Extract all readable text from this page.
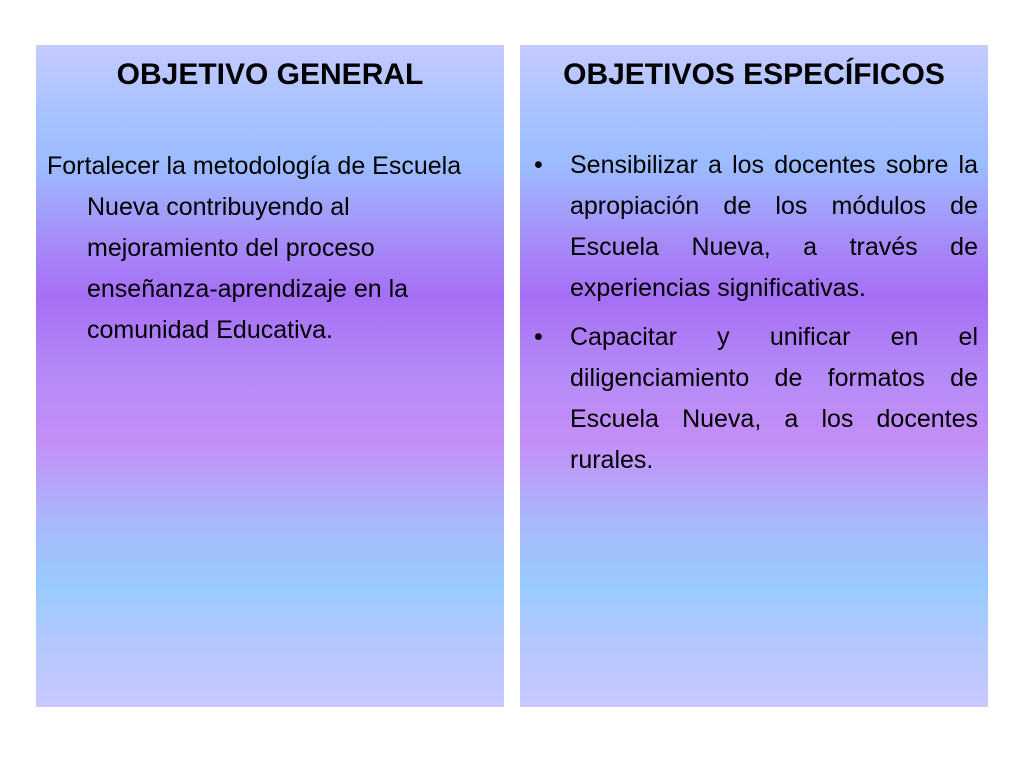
OBJETIVO GENERAL

Fortalecer la metodología de Escuela Nueva contribuyendo al mejoramiento del proceso enseñanza-aprendizaje en la comunidad Educativa.

OBJETIVOS ESPECÍFICOS
•	Sensibilizar a los docentes sobre la apropiación de los módulos de Escuela Nueva, a través de experiencias significativas.
•	Capacitar y unificar en el diligenciamiento de formatos de Escuela Nueva, a los docentes rurales.
